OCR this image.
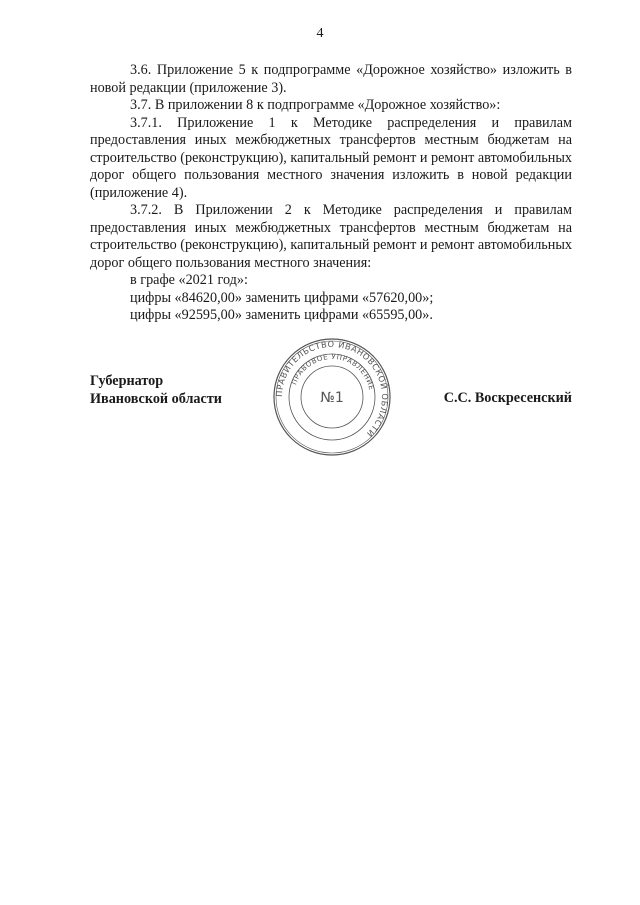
4

3.6. Приложение 5 к подпрограмме «Дорожное хозяйство» изложить в новой редакции (приложение 3).

3.7. В приложении 8 к подпрограмме «Дорожное хозяйство»:

3.7.1. Приложение 1 к Методике распределения и правилам предоставления иных межбюджетных трансфертов местным бюджетам на строительство (реконструкцию), капитальный ремонт и ремонт автомобильных дорог общего пользования местного значения изложить в новой редакции (приложение 4).

3.7.2. В Приложении 2 к Методике распределения и правилам предоставления иных межбюджетных трансфертов местным бюджетам на строительство (реконструкцию), капитальный ремонт и ремонт автомобильных дорог общего пользования местного значения:

в графе «2021 год»:

цифры «84620,00» заменить цифрами «57620,00»;

цифры «92595,00» заменить цифрами «65595,00».

ПРАВИТЕЛЬСТВО ИВАНОВСКОЙ ОБЛАСТИ
ПРАВОВОЕ УПРАВЛЕНИЕ
№1
Губернатор
Ивановской области	С.С. Воскресенский
